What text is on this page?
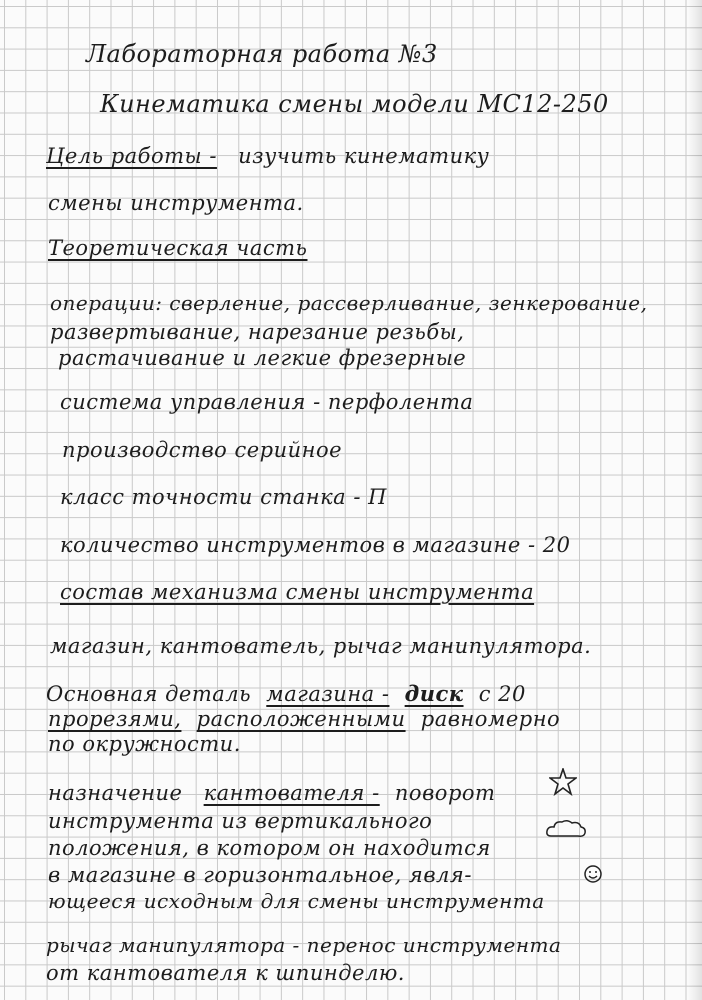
Лабораторная работа №3
Кинематика смены модели МС12-250
Цель работы - изучить кинематику
смены инструмента.
Теоретическая часть
операции: сверление, рассверливание, зенкерование,
развертывание, нарезание резьбы,
растачивание и легкие фрезерные
система управления - перфолента
производство серийное
класс точности станка - П
количество инструментов в магазине - 20
состав механизма смены инструмента
магазин, кантователь, рычаг манипулятора.
Основная деталь магазина - диск с 20
прорезями, расположенными равномерно
по окружности.
назначение кантователя - поворот
инструмента из вертикального
положения, в котором он находится
в магазине в горизонтальное, явля-
ющееся исходным для смены инструмента
рычаг манипулятора - перенос инструмента
от кантователя к шпинделю.
